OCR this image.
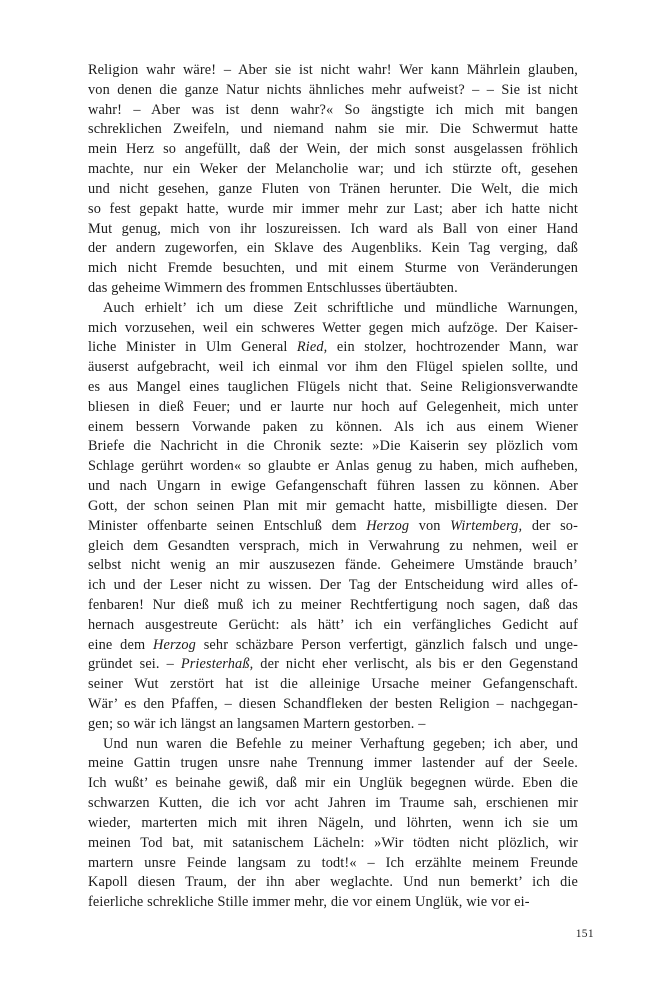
Religion wahr wäre! – Aber sie ist nicht wahr! Wer kann Mährlein glauben,
von denen die ganze Natur nichts ähnliches mehr aufweist? – – Sie ist nicht
wahr! – Aber was ist denn wahr?« So ängstigte ich mich mit bangen
schreklichen Zweifeln, und niemand nahm sie mir. Die Schwermut hatte
mein Herz so angefüllt, daß der Wein, der mich sonst ausgelassen fröhlich
machte, nur ein Weker der Melancholie war; und ich stürzte oft, gesehen
und nicht gesehen, ganze Fluten von Tränen herunter. Die Welt, die mich
so fest gepakt hatte, wurde mir immer mehr zur Last; aber ich hatte nicht
Mut genug, mich von ihr loszureissen. Ich ward als Ball von einer Hand
der andern zugeworfen, ein Sklave des Augenbliks. Kein Tag verging, daß
mich nicht Fremde besuchten, und mit einem Sturme von Veränderungen
das geheime Wimmern des frommen Entschlusses übertäubten.
Auch erhielt’ ich um diese Zeit schriftliche und mündliche Warnungen,
mich vorzusehen, weil ein schweres Wetter gegen mich aufzöge. Der Kaiser-
liche Minister in Ulm General Ried, ein stolzer, hochtrozender Mann, war
äuserst aufgebracht, weil ich einmal vor ihm den Flügel spielen sollte, und
es aus Mangel eines tauglichen Flügels nicht that. Seine Religionsverwandte
bliesen in dieß Feuer; und er laurte nur hoch auf Gelegenheit, mich unter
einem bessern Vorwande paken zu können. Als ich aus einem Wiener
Briefe die Nachricht in die Chronik sezte: »Die Kaiserin sey plözlich vom
Schlage gerührt worden« so glaubte er Anlas genug zu haben, mich aufheben,
und nach Ungarn in ewige Gefangenschaft führen lassen zu können. Aber
Gott, der schon seinen Plan mit mir gemacht hatte, misbilligte diesen. Der
Minister offenbarte seinen Entschluß dem Herzog von Wirtemberg, der so-
gleich dem Gesandten versprach, mich in Verwahrung zu nehmen, weil er
selbst nicht wenig an mir auszusezen fände. Geheimere Umstände brauch’
ich und der Leser nicht zu wissen. Der Tag der Entscheidung wird alles of-
fenbaren! Nur dieß muß ich zu meiner Rechtfertigung noch sagen, daß das
hernach ausgestreute Gerücht: als hätt’ ich ein verfängliches Gedicht auf
eine dem Herzog sehr schäzbare Person verfertigt, gänzlich falsch und unge-
gründet sei. – Priesterhaß, der nicht eher verlischt, als bis er den Gegenstand
seiner Wut zerstört hat ist die alleinige Ursache meiner Gefangenschaft.
Wär’ es den Pfaffen, – diesen Schandfleken der besten Religion – nachgegan-
gen; so wär ich längst an langsamen Martern gestorben. –
Und nun waren die Befehle zu meiner Verhaftung gegeben; ich aber, und
meine Gattin trugen unsre nahe Trennung immer lastender auf der Seele.
Ich wußt’ es beinahe gewiß, daß mir ein Unglük begegnen würde. Eben die
schwarzen Kutten, die ich vor acht Jahren im Traume sah, erschienen mir
wieder, marterten mich mit ihren Nägeln, und löhrten, wenn ich sie um
meinen Tod bat, mit satanischem Lächeln: »Wir tödten nicht plözlich, wir
martern unsre Feinde langsam zu todt!« – Ich erzählte meinem Freunde
Kapoll diesen Traum, der ihn aber weglachte. Und nun bemerkt’ ich die
feierliche schrekliche Stille immer mehr, die vor einem Unglük, wie vor ei-
151
